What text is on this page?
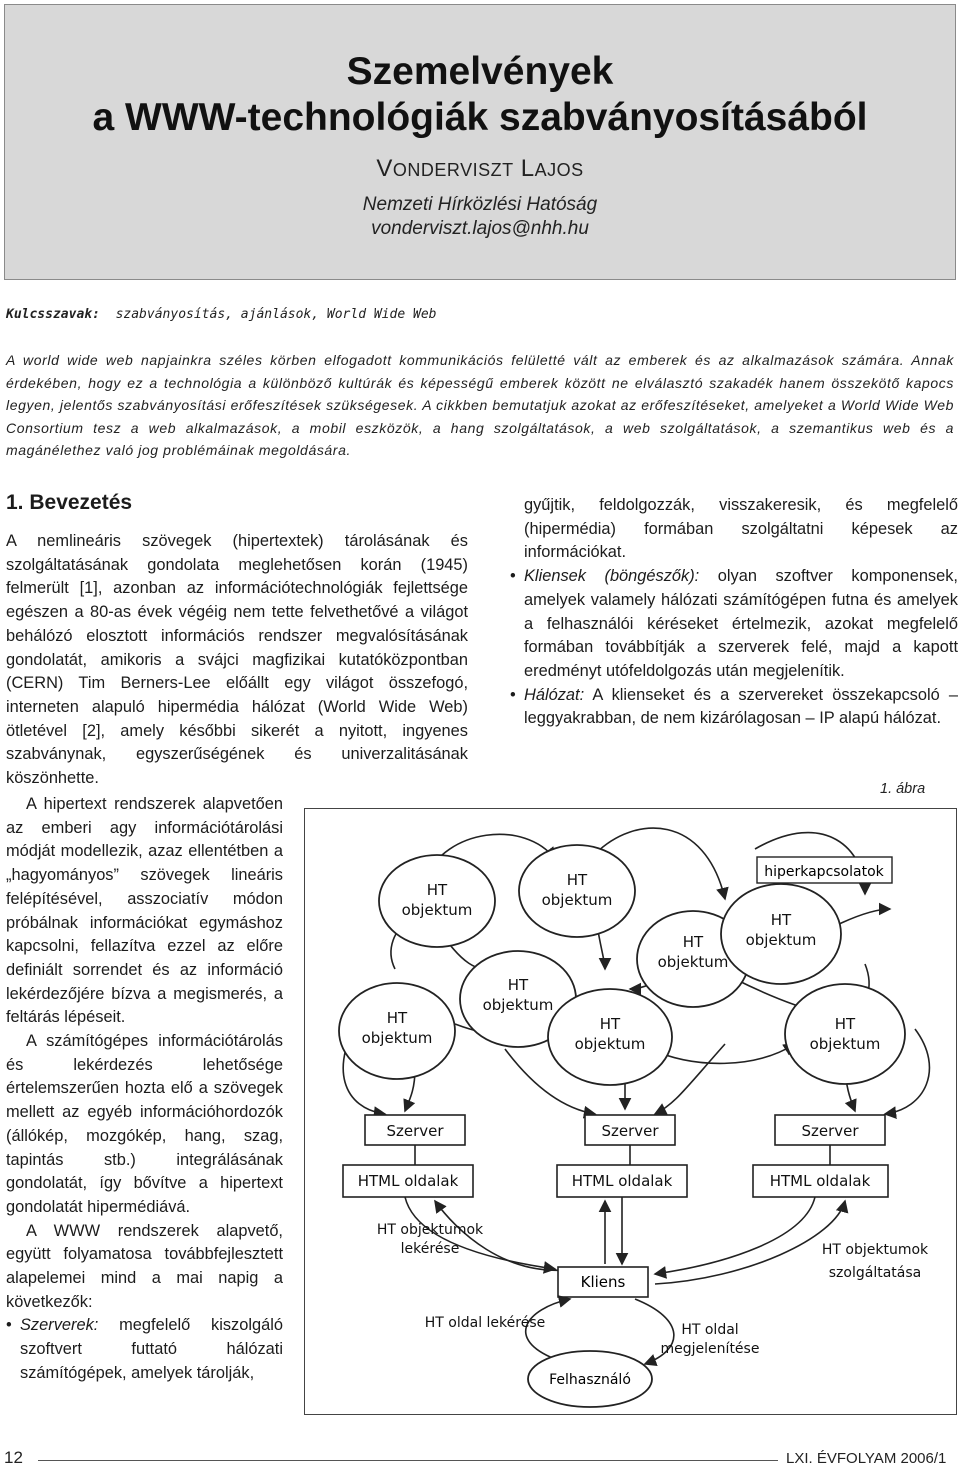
Szemelvények
a WWW-technológiák szabványosításából
VONDERVISZT LAJOS
Nemzeti Hírközlési Hatóság
vonderviszt.lajos@nhh.hu
Kulcsszavak: szabványosítás, ajánlások, World Wide Web
A world wide web napjainkra széles körben elfogadott kommunikációs felületté vált az emberek és az alkalmazások számára. Annak érdekében, hogy ez a technológia a különböző kultúrák és képességű emberek között ne elválasztó szakadék hanem összekötő kapocs legyen, jelentős szabványosítási erőfeszítések szükségesek. A cikkben bemutatjuk azokat az erőfeszítéseket, amelyeket a World Wide Web Consortium tesz a web alkalmazások, a mobil eszközök, a hang szolgáltatások, a web szolgáltatások, a szemantikus web és a magánélethez való jog problémáinak megoldására.
1. Bevezetés

A nemlineáris szövegek (hipertextek) tárolásának és szolgáltatásának gondolata meglehetősen korán (1945) felmerült [1], azonban az információtechnológiák fejlettsége egészen a 80-as évek végéig nem tette felvethetővé a világot behálózó elosztott információs rendszer megvalósításának gondolatát, amikoris a svájci magfizikai kutatóközpontban (CERN) Tim Berners-Lee előállt egy világot összefogó, interneten alapuló hipermédia hálózat (World Wide Web) ötletével [2], amely későbbi sikerét a nyitott, ingyenes szabványnak, egyszerűségének és univerzalitásának köszönhette.

A hipertext rendszerek alapvetően az emberi agy információtárolási módját modellezik, azaz ellentétben a „hagyományos” szövegek lineáris felépítésével, asszociatív módon próbálnak információkat egymáshoz kapcsolni, fellazítva ezzel az előre definiált sorrendet és az információ lekérdezőjére bízva a megismerés, a feltárás lépéseit.

A számítógépes információtárolás és lekérdezés lehetősége értelemszerűen hozta elő a szövegek mellett az egyéb információhordozók (állókép, mozgókép, hang, szag, tapintás stb.) integrálásának gondolatát, így bővítve a hipertext gondolatát hipermédiává.

A WWW rendszerek alapvető, együtt folyamatosa továbbfejlesztett alapelemei mind a mai napig a következők:

• Szerverek: megfelelő kiszolgáló szoftvert futtató hálózati számítógépek, amelyek tárolják,

gyűjtik, feldolgozzák, visszakeresik, és megfelelő (hipermédia) formában szolgáltatni képesek az információkat.

• Kliensek (böngészők): olyan szoftver komponensek, amelyek valamely hálózati számítógépen futna és amelyek a felhasználói kéréseket értelmezik, azokat megfelelő formában továbbítják a szerverek felé, majd a kapott eredményt utófeldolgozás után megjelenítik.

• Hálózat: A klienseket és a szervereket összekapcsoló – leggyakrabban, de nem kizárólagosan – IP alapú hálózat.

1. ábra
hiperkapcsolatok
HT
objektum
HT
objektum
HT
objektum
HT
objektum
HT
objektum
HT
objektum
HT
objektum
HT
objektum
Szerver	Szerver	Szerver
HTML oldalak	HTML oldalak	HTML oldalak
HT objektumok
lekérése	HT objektumok
szolgáltatása
Kliens
HT oldal lekérése	HT oldal
megjelenítése
Felhasználó
12	LXI. ÉVFOLYAM 2006/1
